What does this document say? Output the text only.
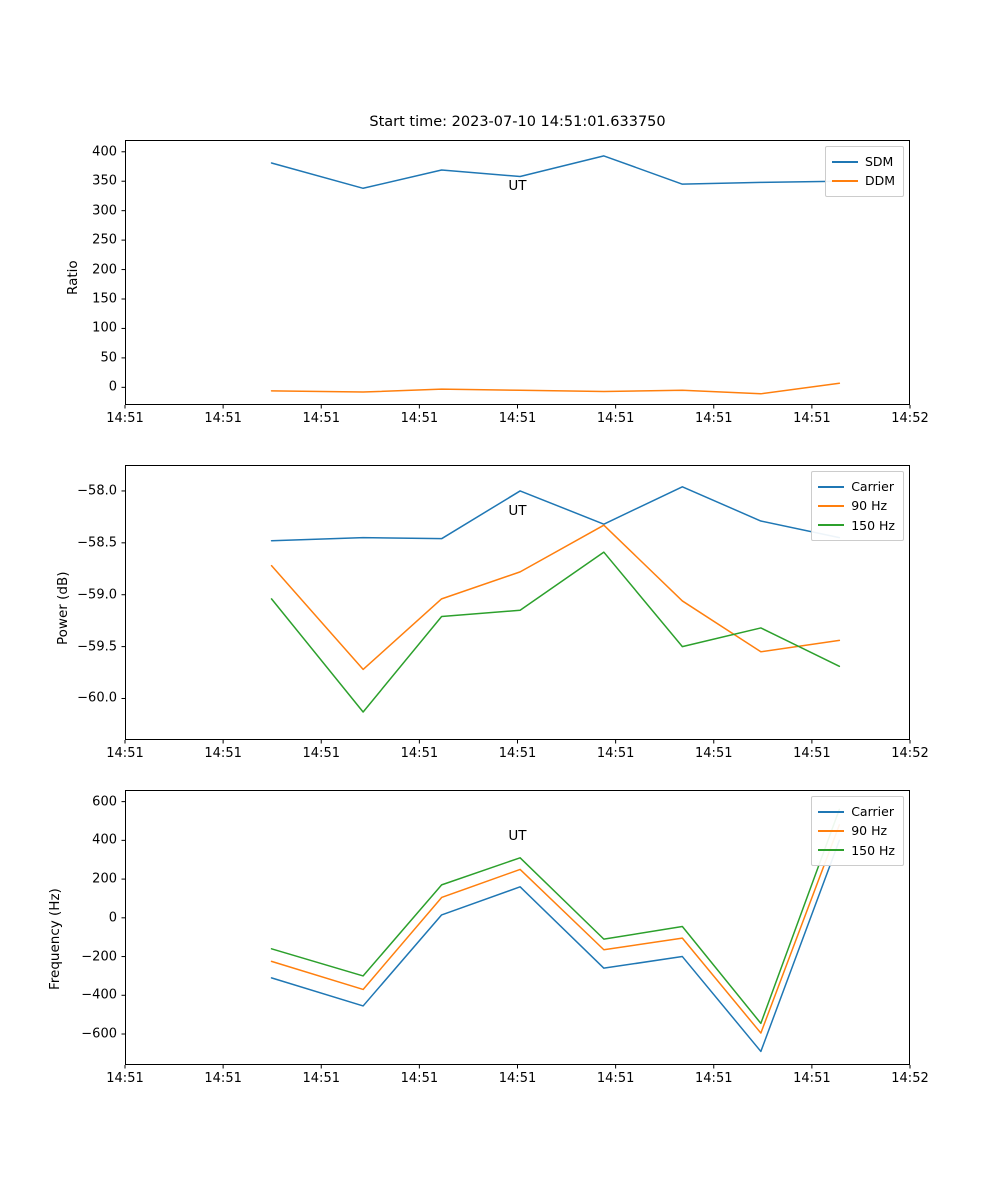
Start time: 2023-07-10 14:51:01.633750
SDM
DDM
UT
Ratio
14:51	14:51	14:51	14:51	14:51	14:51	14:51	14:51	14:52
0
50
100
150
200
250
300
350
400
Carrier
90 Hz
150 Hz
UT
Power (dB)
14:51	14:51	14:51	14:51	14:51	14:51	14:51	14:51	14:52
−60.0
−59.5
−59.0
−58.5
−58.0
Carrier
90 Hz
150 Hz
UT
Frequency (Hz)
14:51	14:51	14:51	14:51	14:51	14:51	14:51	14:51	14:52
−600
−400
−200
0
200
400
600
